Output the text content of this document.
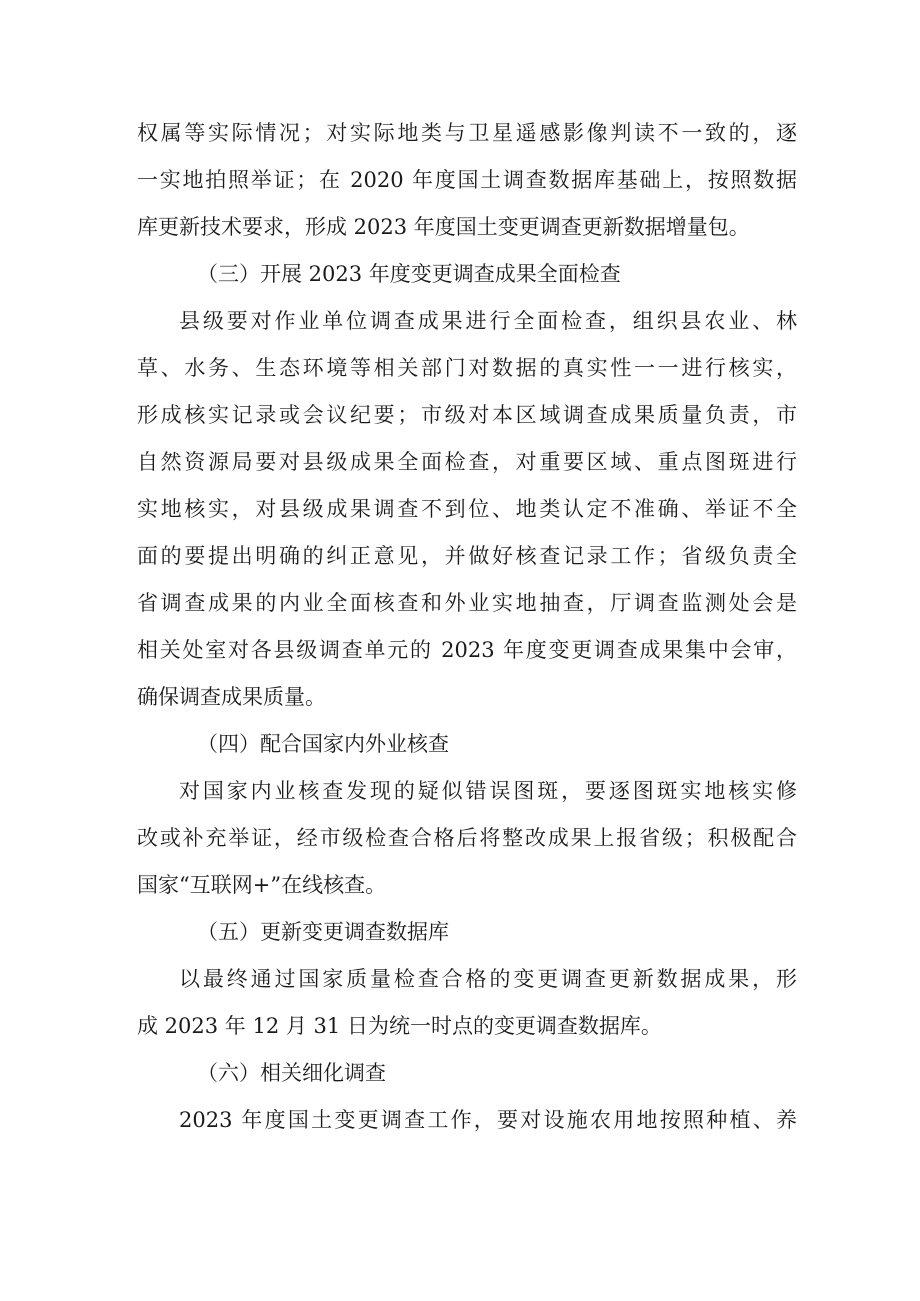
权属等实际情况；对实际地类与卫星遥感影像判读不一致的，逐
一实地拍照举证；在 2020 年度国土调查数据库基础上，按照数据
库更新技术要求，形成 2023 年度国土变更调查更新数据增量包。
（三）开展 2023 年度变更调查成果全面检查
县级要对作业单位调查成果进行全面检查，组织县农业、林
草、水务、生态环境等相关部门对数据的真实性一一进行核实，
形成核实记录或会议纪要；市级对本区域调查成果质量负责，市
自然资源局要对县级成果全面检查，对重要区域、重点图斑进行
实地核实，对县级成果调查不到位、地类认定不准确、举证不全
面的要提出明确的纠正意见，并做好核查记录工作；省级负责全
省调查成果的内业全面核查和外业实地抽查，厅调查监测处会是
相关处室对各县级调查单元的 2023 年度变更调查成果集中会审，
确保调查成果质量。
（四）配合国家内外业核查
对国家内业核查发现的疑似错误图斑，要逐图斑实地核实修
改或补充举证，经市级检查合格后将整改成果上报省级；积极配合
国家“互联网+”在线核查。
（五）更新变更调查数据库
以最终通过国家质量检查合格的变更调查更新数据成果，形
成 2023 年 12 月 31 日为统一时点的变更调查数据库。
（六）相关细化调查
2023 年度国土变更调查工作，要对设施农用地按照种植、养
